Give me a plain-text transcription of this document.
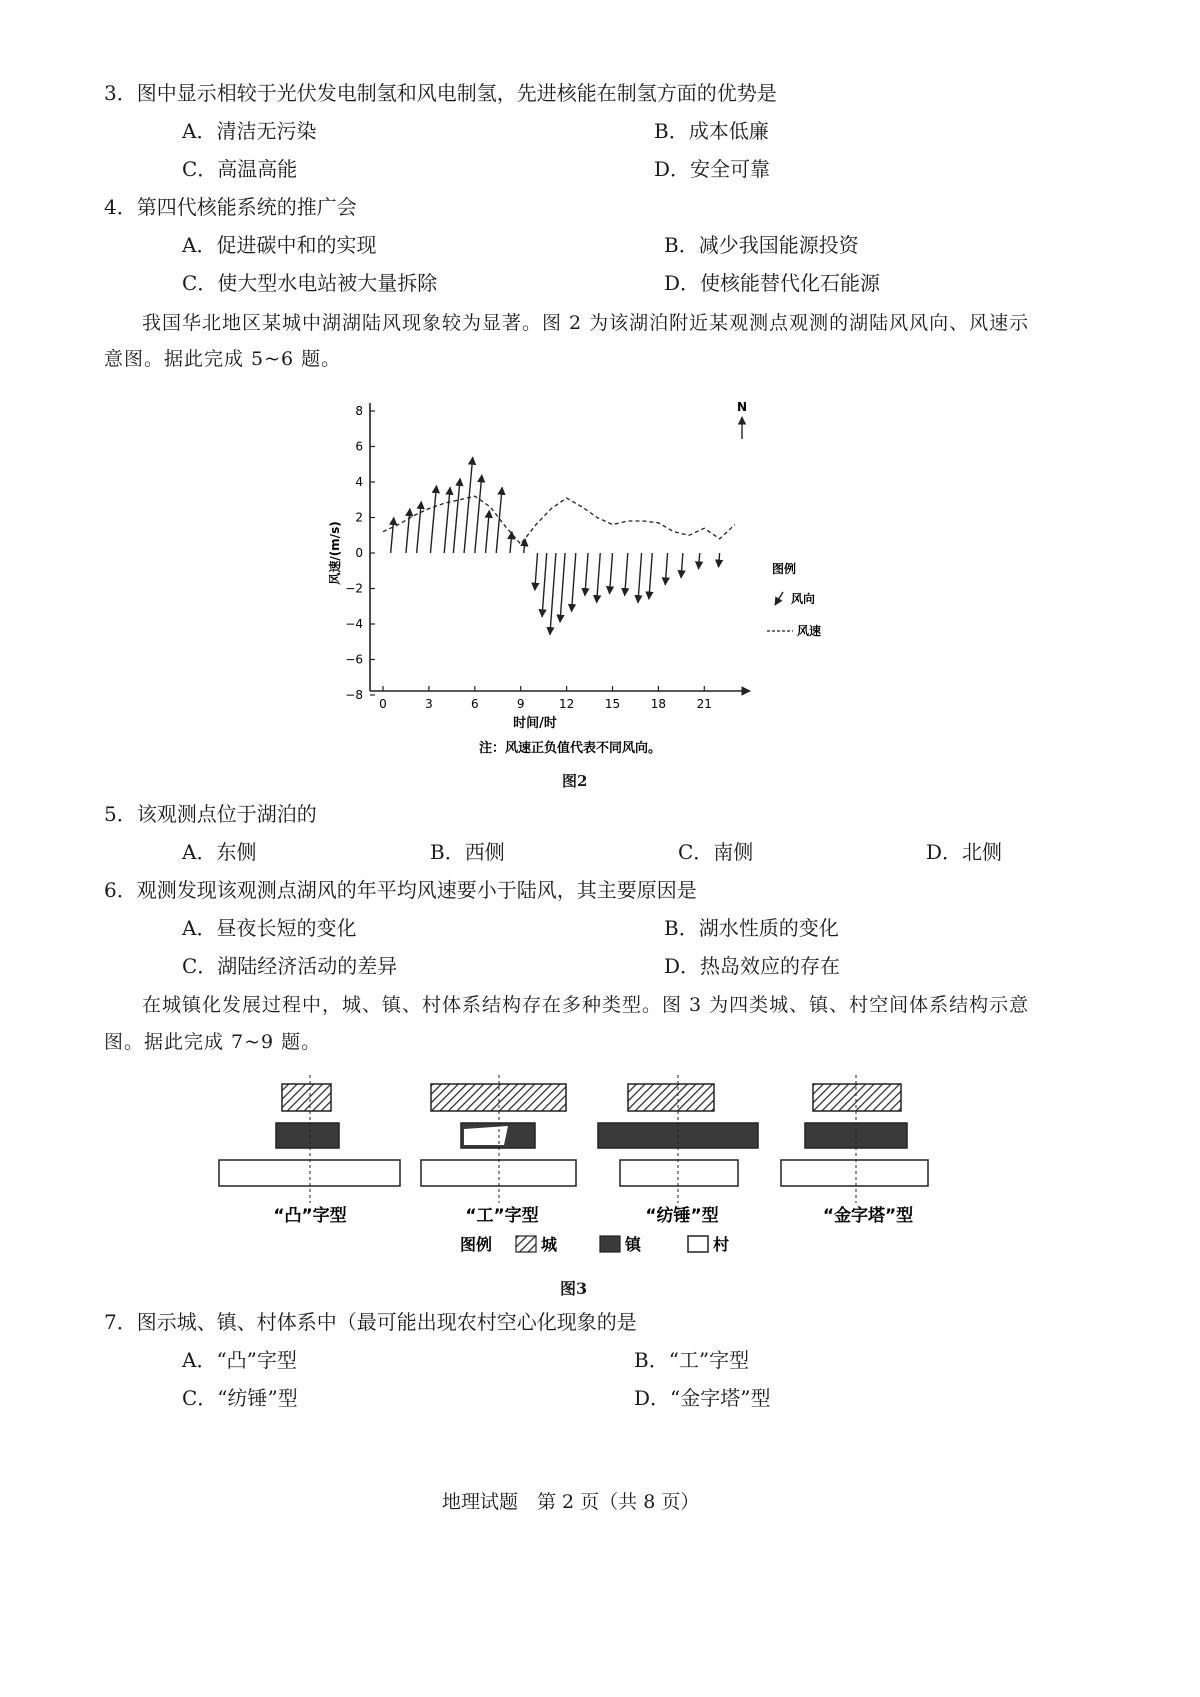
3．图中显示相较于光伏发电制氢和风电制氢，先进核能在制氢方面的优势是
A．清洁无污染	B．成本低廉
C．高温高能	D．安全可靠
4．第四代核能系统的推广会
A．促进碳中和的实现	B．减少我国能源投资
C．使大型水电站被大量拆除	D．使核能替代化石能源
我国华北地区某城中湖湖陆风现象较为显著。图 2 为该湖泊附近某观测点观测的湖陆风风向、风速示
意图。据此完成 5~6 题。
8
6
4
2
0
−2
−4
−6
−8
0	3	6	9	12	15	18	21
风速/(m/s)
时间/时
注：风速正负值代表不同风向。
N
图例
风向
风速
图2
5．该观测点位于湖泊的
A．东侧	B．西侧	C．南侧	D．北侧
6．观测发现该观测点湖风的年平均风速要小于陆风，其主要原因是
A．昼夜长短的变化	B．湖水性质的变化
C．湖陆经济活动的差异	D．热岛效应的存在
在城镇化发展过程中，城、镇、村体系结构存在多种类型。图 3 为四类城、镇、村空间体系结构示意
图。据此完成 7~9 题。
“凸”字型	“工”字型	“纺锤”型	“金字塔”型
图例	城	镇	村
图3
7．图示城、镇、村体系中（最可能出现农村空心化现象的是
A．“凸”字型	B．“工”字型
C．“纺锤”型	D．“金字塔”型
地理试题　第 2 页（共 8 页）
